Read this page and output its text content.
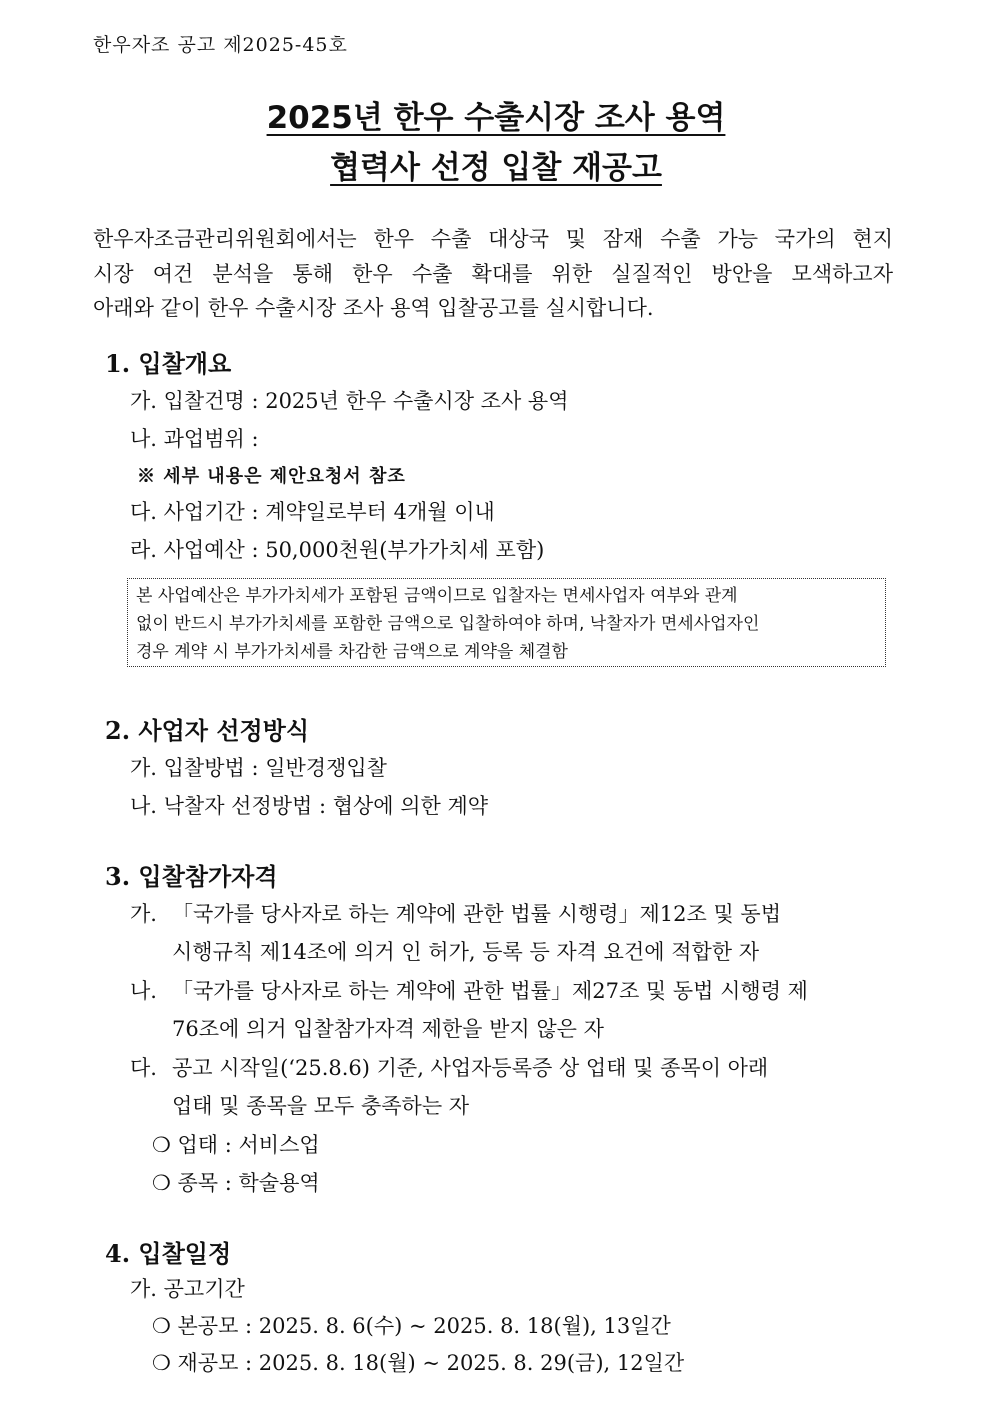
한우자조 공고 제2025-45호
2025년 한우 수출시장 조사 용역
협력사 선정 입찰 재공고
한우자조금관리위원회에서는 한우 수출 대상국 및 잠재 수출 가능 국가의 현지
시장 여건 분석을 통해 한우 수출 확대를 위한 실질적인 방안을 모색하고자
아래와 같이 한우 수출시장 조사 용역 입찰공고를 실시합니다.
1. 입찰개요
가. 입찰건명 : 2025년 한우 수출시장 조사 용역
나. 과업범위 :
※ 세부 내용은 제안요청서 참조
다. 사업기간 : 계약일로부터 4개월 이내
라. 사업예산 : 50,000천원(부가가치세 포함)
본 사업예산은 부가가치세가 포함된 금액이므로 입찰자는 면세사업자 여부와 관계
없이 반드시 부가가치세를 포함한 금액으로 입찰하여야 하며, 낙찰자가 면세사업자인
경우 계약 시 부가가치세를 차감한 금액으로 계약을 체결함
2. 사업자 선정방식
가. 입찰방법 : 일반경쟁입찰
나. 낙찰자 선정방법 : 협상에 의한 계약
3. 입찰참가자격
가. 「국가를 당사자로 하는 계약에 관한 법률 시행령」제12조 및 동법
시행규칙 제14조에 의거 인 허가, 등록 등 자격 요건에 적합한 자
나. 「국가를 당사자로 하는 계약에 관한 법률」제27조 및 동법 시행령 제
76조에 의거 입찰참가자격 제한을 받지 않은 자
다. 공고 시작일(‘25.8.6) 기준, 사업자등록증 상 업태 및 종목이 아래
업태 및 종목을 모두 충족하는 자
❍ 업태 : 서비스업
❍ 종목 : 학술용역
4. 입찰일정
가. 공고기간
❍ 본공모 : 2025. 8. 6(수) ~ 2025. 8. 18(월), 13일간
❍ 재공모 : 2025. 8. 18(월) ~ 2025. 8. 29(금), 12일간
